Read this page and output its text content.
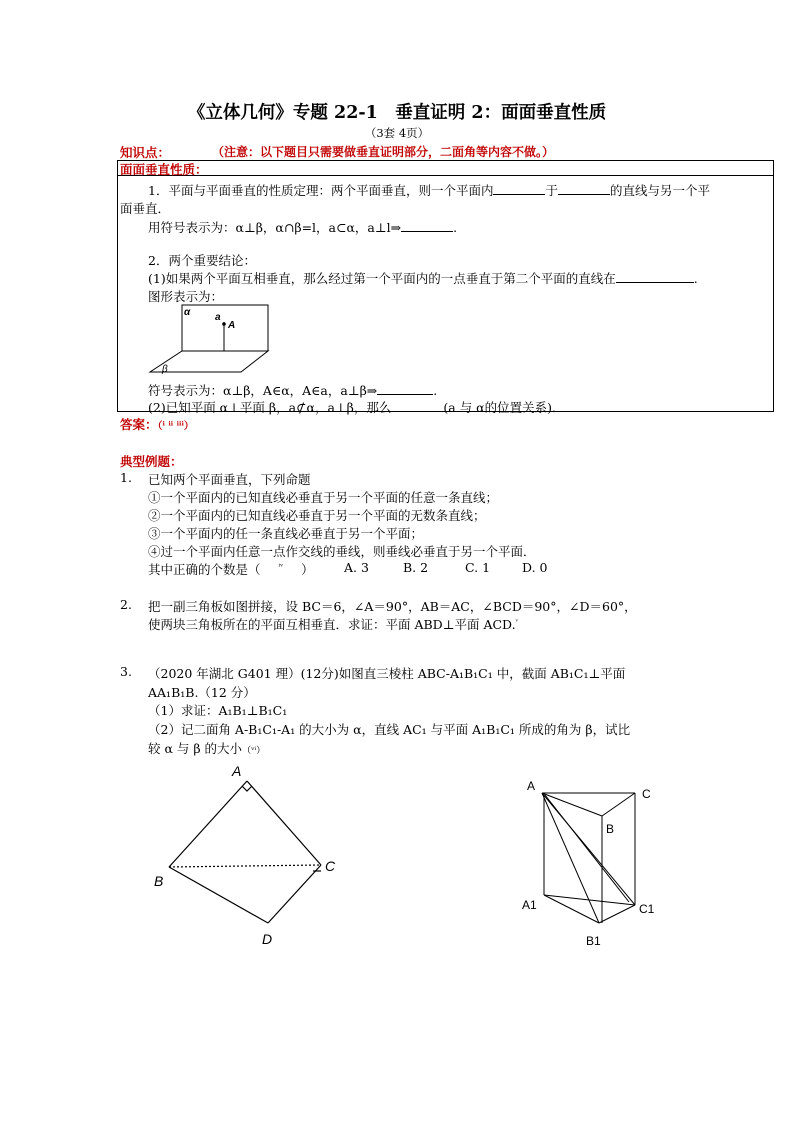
《立体几何》专题 22-1　垂直证明 2：面面垂直性质
（3套 4页）
知识点：	（注意：以下题目只需要做垂直证明部分，二面角等内容不做。）
面面垂直性质：
1．平面与平面垂直的性质定理：两个平面垂直，则一个平面内	于	的直线与另一个平
面垂直．
用符号表示为：α⊥β，α∩β=l，a⊂α，a⊥l⇒	.
2．两个重要结论：
(1)如果两个平面互相垂直，那么经过第一个平面内的一点垂直于第二个平面的直线在	.
图形表示为：
α a
A
β
符号表示为：α⊥β，A∈α，A∈a，a⊥β⇒	.
(2)已知平面 α⊥平面 β，a⊄α，a⊥β，那么	(a 与 α的位置关系)．
答案：（ⁱ ⁱⁱ ⁱⁱⁱ）
典型例题：
1. 已知两个平面垂直，下列命题
①一个平面内的已知直线必垂直于另一个平面的任意一条直线；
②一个平面内的已知直线必垂直于另一个平面的无数条直线；
③一个平面内的任一条直线必垂直于另一个平面；
④过一个平面内任意一点作交线的垂线，则垂线必垂直于另一个平面．
其中正确的个数是（ $^{^iᵛ}$ ） A. 3	B. 2	C. 1	D. 0
2. 把一副三角板如图拼接，设 BC＝6，∠A＝90°，AB＝AC，∠BCD＝90°，∠D＝60°，
使两块三角板所在的平面互相垂直．求证：平面 ABD⊥平面 ACD.$^ᵛ$
3. （2020 年湖北 G401 理）(12分)如图直三棱柱 ABC-A₁B₁C₁ 中，截面 AB₁C₁⊥平面
AA₁B₁B.（12 分）
（1）求证：A₁B₁⊥B₁C₁
（2）记二面角 A-B₁C₁-A₁ 的大小为 α，直线 AC₁ 与平面 A₁B₁C₁ 所成的角为 β，试比
较 α 与 β 的大小（ᵛⁱ）
A
B
C
D
A
C
B
A1	C1
B1
